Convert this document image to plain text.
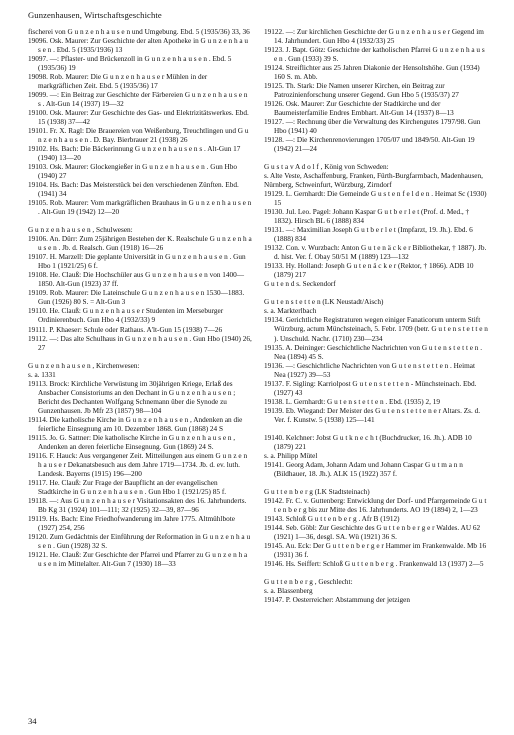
Gunzenhausen, Wirtschaftsgeschichte
fischerei von G u n z e n h a u s e n und Umgebung. Ebd. 5 (1935/36) 33, 36
19096. Osk. Maurer: Zur Geschichte der alten Apotheke in G u n z e n h a u s e n . Ebd. 5 (1935/1936) 13
19097. —: Pflaster- und Brückenzoll in G u n z e n h a u s e n . Ebd. 5 (1935/36) 19
19098. Rob. Maurer: Die G u n z e n h a u s e r Mühlen in der markgräflichen Zeit. Ebd. 5 (1935/36) 17
19099. —: Ein Beitrag zur Geschichte der Färbereien G u n z e n h a u s e n s . Alt-Gun 14 (1937) 19—32
19100. Osk. Maurer: Zur Geschichte des Gas- und Elektrizitätswerkes. Ebd. 15 (1938) 37—42
19101. Fr. X. Ragl: Die Brauereien von Weißenburg, Treuchtlingen und G u n z e n h a u s e n . D. Bay. Bierbrauer 21 (1938) 26
19102. Hs. Bach: Die Bäckerinnung G u n z e n h a u s e n s . Alt-Gun 17 (1940) 13—20
19103. Osk. Maurer: Glockengießer in G u n z e n h a u s e n . Gun Hbo (1940) 27
19104. Hs. Bach: Das Meisterstück bei den verschiedenen Zünften. Ebd. (1941) 34
19105. Rob. Maurer: Vom markgräflichen Brauhaus in G u n z e n h a u s e n . Alt-Gun 19 (1942) 12—20
G u n z e n h a u s e n , Schulwesen:
19106. An. Dürr: Zum 25jährigen Bestehen der K. Realschule G u n z e n h a u s e n . Jb. d. Realsch. Gun (1918) 16—26
19107. H. Marzell: Die geplante Universität in G u n z e n h a u s e n . Gun Hbo 1 (1921/25) 6 f.
19108. He. Clauß: Die Hochschüler aus G u n z e n h a u s e n von 1400—1850. Alt-Gun (1923) 37 ff.
19109. Rob. Maurer: Die Lateinschule G u n z e n h a u s e n 1530—1883. Gun (1926) 80 S. = Alt-Gun 3
19110. He. Clauß: G u n z e n h a u s e r Studenten im Merseburger Ordinierenbuch. Gun Hbo 4 (1932/33) 9
19111. P. Khaeser: Schule oder Rathaus. A'lt-Gun 15 (1938) 7—26
19112. —: Das alte Schulhaus in G u n z e n h a u s e n . Gun Hbo (1940) 26, 27
G u n z e n h a u s e n , Kirchenwesen:
s. a. 1331
19113. Brock: Kirchliche Verwüstung im 30jährigen Kriege, Erlaß des Ansbacher Consistoriums an den Dechant in G u n z e n h a u s e n ; Bericht des Dechanten Wolfgang Schnemann über die Synode zu Gunzenhausen. Jb Mfr 23 (1857) 98—104
19114. Die katholische Kirche in G u n z e n h a u s e n , Andenken an die feierliche Einsegnung am 10. Dezember 1868. Gun (1868) 24 S
19115. Jo. G. Sattner: Die katholische Kirche in G u n z e n h a u s e n , Andenken an deren feierliche Einsegnung. Gun (1869) 24 S.
19116. F. Hauck: Aus vergangener Zeit. Mitteilungen aus einem G u n z e n h a u s e r Dekanatsbesuch aus dem Jahre 1719—1734. Jb. d. ev. luth. Landesk. Bayerns (1915) 196—200
19117. He. Clauß: Zur Frage der Baupflicht an der evangelischen Stadtkirche in G u n z e n h a u s e n . Gun Hbo 1 (1921/25) 85 f.
19118. —: Aus G u n z e n h a u s e r Visitationsakten des 16. Jahrhunderts. Bb Kg 31 (1924) 101—111; 32 (1925) 32—39, 87—96
19119. Hs. Bach: Eine Friedhofwanderung im Jahre 1775. Altmühlbote (1927) 254, 256
19120. Zum Gedächtnis der Einführung der Reformation in G u n z e n h a u s e n . Gun (1928) 32 S.
19121. He. Clauß: Zur Geschichte der Pfarrei und Pfarrer zu G u n z e n h a u s e n im Mittelalter. Alt-Gun 7 (1930) 18—33
19122. —: Zur kirchlichen Geschichte der G u n z e n h a u s e r Gegend im 14. Jahrhundert. Gun Hbo 4 (1932/33) 25
19123. J. Bapt. Götz: Geschichte der katholischen Pfarrei G u n z e n h a u s e n . Gun (1933) 39 S.
19124. Streiflichter aus 25 Jahren Diakonie der Hensoltshöhe. Gun (1934) 160 S. m. Abb.
19125. Th. Stark: Die Namen unserer Kirchen, ein Beitrag zur Patrozinienforschung unserer Gegend. Gun Hbo 5 (1935/37) 27
19126. Osk. Maurer: Zur Geschichte der Stadtkirche und der Baumeisterfamilie Endres Embhart. Alt-Gun 14 (1937) 8—13
19127. —: Rechnung über die Verwaltung des Kirchengutes 1797/98. Gun Hbo (1941) 40
19128. —: Die Kirchenrenovierungen 1705/07 und 1849/50. Alt-Gun 19 (1942) 21—24
G u s t a v A d o l f , König von Schweden:
s. Alte Veste, Aschaffenburg, Franken, Fürth-Burgfarrnbach, Madenhausen, Nürnberg, Schweinfurt, Würzburg, Zirndorf
19129. L. Gernhardt: Die Gemeinde G u s t e n f e l d e n . Heimat Sc (1930) 15
19130. Jul. Leo. Pagel: Johann Kaspar G u t b e r l e t (Prof. d. Med., † 1832). Hirsch BL 6 (1888) 834
19131. —: Maximilian Joseph G u t b e r l e t (Impfarzt, 19. Jh.). Ebd. 6 (1888) 834
19132. Con. v. Wurzbach: Anton G u t e n ä c k e r Bibliothekar, † 1887). Jb. d. hist. Ver. f. Obay 50/51 M (1889) 123—132
19133. Hy. Holland: Joseph G u t e n ä c k e r (Rektor, † 1866). ADB 10 (1879) 217
G u t e n d s. Seckendorf
G u t e n s t e t t e n (LK Neustadt/Aisch)
s. a. Markterlbach
19134. Gerichtliche Registraturen wegen einiger Fanaticorum unterm Stift Würzburg, actum Münchsteinach, 5. Febr. 1709 (betr. G u t e n s t e t t e n ). Unschuld. Nachr. (1710) 230—234
19135. A. Deininger: Geschichtliche Nachrichten von G u t e n s t e t t e n . Nea (1894) 45 S.
19136. —: Geschichtliche Nachrichten von G u t e n s t e t t e n . Heimat Nea (1927) 39—53
19137. F. Sigling: Karriolpost G u t e n s t e t t e n - Münchsteinach. Ebd. (1927) 43
19138. L. Gernhardt: G u t e n s t e t t e n . Ebd. (1935) 2, 19
19139. Eb. Wiegand: Der Meister des G u t e n s t e t t e n e r Altars. Zs. d. Ver. f. Kunstw. 5 (1938) 125—141
19140. Kelchner: Jobst G u t k n e c h t (Buchdrucker, 16. Jh.). ADB 10 (1879) 221
s. a. Philipp Mütel
19141. Georg Adam, Johann Adam und Johann Caspar G u t m a n n (Bildhauer, 18. Jh.). ALK 15 (1922) 357 f.
G u t t e n b e r g (LK Stadtsteinach)
19142. Fr. C. v. Guttenberg: Entwicklung der Dorf- und Pfarrgemeinde G u t t e n b e r g bis zur Mitte des 16. Jahrhunderts. AO 19 (1894) 2, 1—23
19143. Schloß G u t t e n b e r g . Afr B (1912)
19144. Seb. Göbl: Zur Geschichte des G u t t e n b e r g e r Waldes. AU 62 (1921) 1—36, desgl. SA. Wü (1921) 36 S.
19145. Au. Eck: Der G u t t e n b e r g e r Hammer im Frankenwalde. Mb 16 (1931) 36 f.
19146. Hs. Seiffert: Schloß G u t t e n b e r g . Frankenwald 13 (1937) 2—5
G u t t e n b e r g , Geschlecht:
s. a. Blassenberg
19147. P. Oesterreicher: Abstammung der jetzigen
34
